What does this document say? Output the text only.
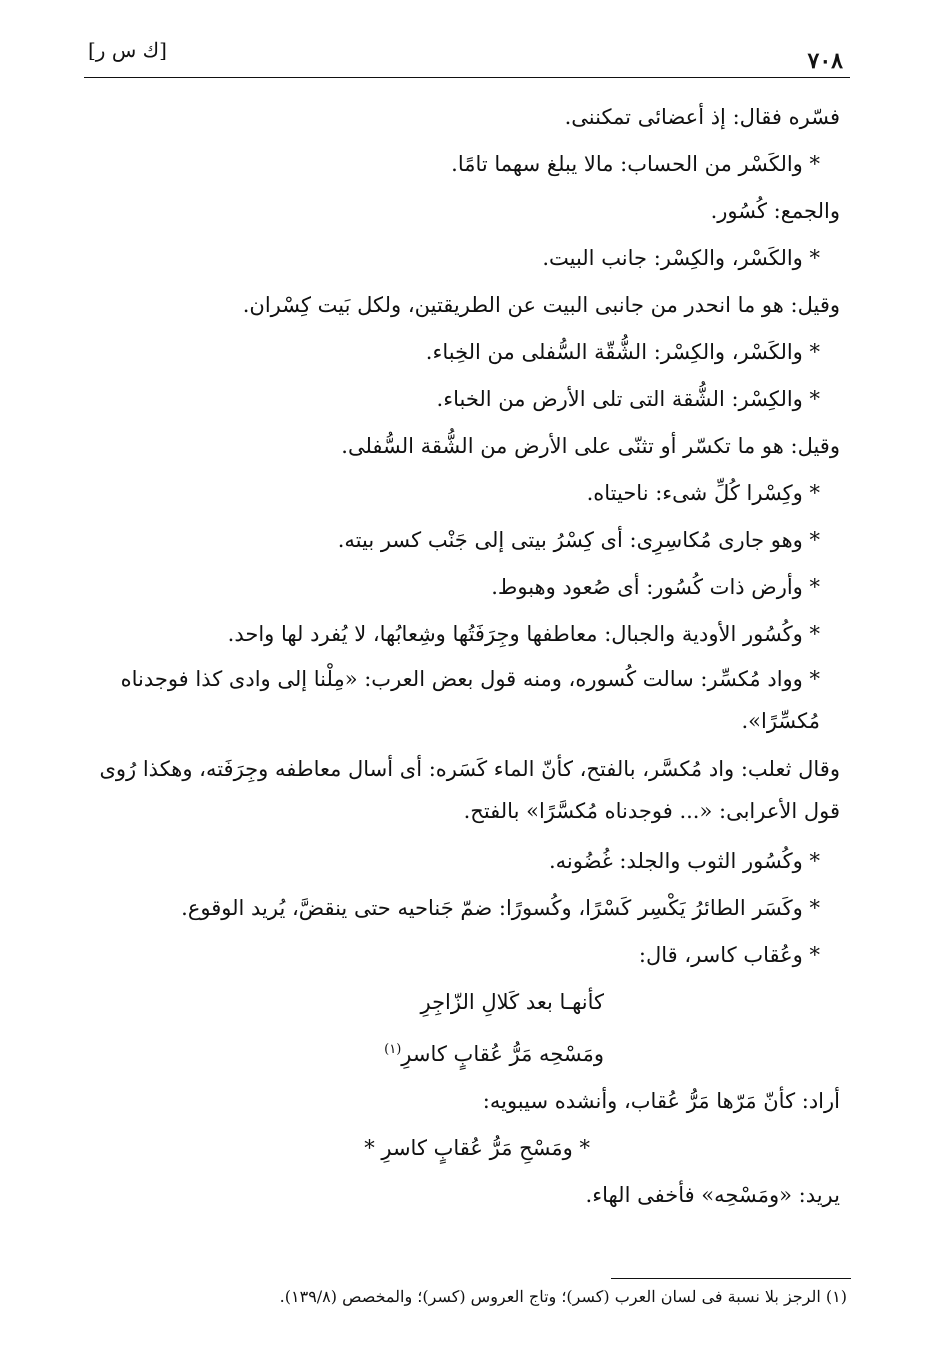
[ك س ر]	٧٠٨

فسّره فقال: إذ أعضائى تمكننى.

* والكَسْر من الحساب: مالا يبلغ سهما تامًا.

والجمع: كُسُور.

* والكَسْر، والكِسْر: جانب البيت.

وقيل: هو ما انحدر من جانبى البيت عن الطريقتين، ولكل بَيت كِسْران.

* والكَسْر، والكِسْر: الشُّقّة السُّفلى من الخِباء.

* والكِسْر: الشُّقة التى تلى الأرض من الخباء.

وقيل: هو ما تكسّر أو تثنّى على الأرض من الشُّقة السُّفلى.

* وكِسْرا كُلِّ شىء: ناحيتاه.

* وهو جارى مُكاسِرِى: أى كِسْرُ بيتى إلى جَنْب كسر بيته.

* وأرض ذات كُسُور: أى صُعود وهبوط.

* وكُسُور الأودية والجبال: معاطفها وجِرَفَتُها وشِعابُها، لا يُفرد لها واحد.

* وواد مُكسِّر: سالت كُسوره، ومنه قول بعض العرب: «مِلْنا إلى وادى كذا فوجدناه مُكسِّرًا».

وقال ثعلب: واد مُكسَّر، بالفتح، كأنّ الماء كَسَره: أى أسال معاطفه وجِرَفَته، وهكذا رُوى قول الأعرابى: «... فوجدناه مُكسَّرًا» بالفتح.

* وكُسُور الثوب والجلد: غُضُونه.

* وكَسَر الطائرُ يَكْسِر كَسْرًا، وكُسورًا: ضمّ جَناحيه حتى ينقضَّ، يُريد الوقوع.

* وعُقاب كاسر، قال:

كأنهـا بعد كَلالِ الزّاجِرِ

ومَسْحِه مَرُّ عُقابٍ كاسرِ$^{(١)}$

أراد: كأنّ مَرّها مَرُّ عُقاب، وأنشده سيبويه:

* ومَسْحِ مَرُّ عُقابٍ كاسرِ *

يريد: «ومَسْحِه» فأخفى الهاء.

(١) الرجز بلا نسبة فى لسان العرب (كسر)؛ وتاج العروس (كسر)؛ والمخصص (١٣٩/٨).
